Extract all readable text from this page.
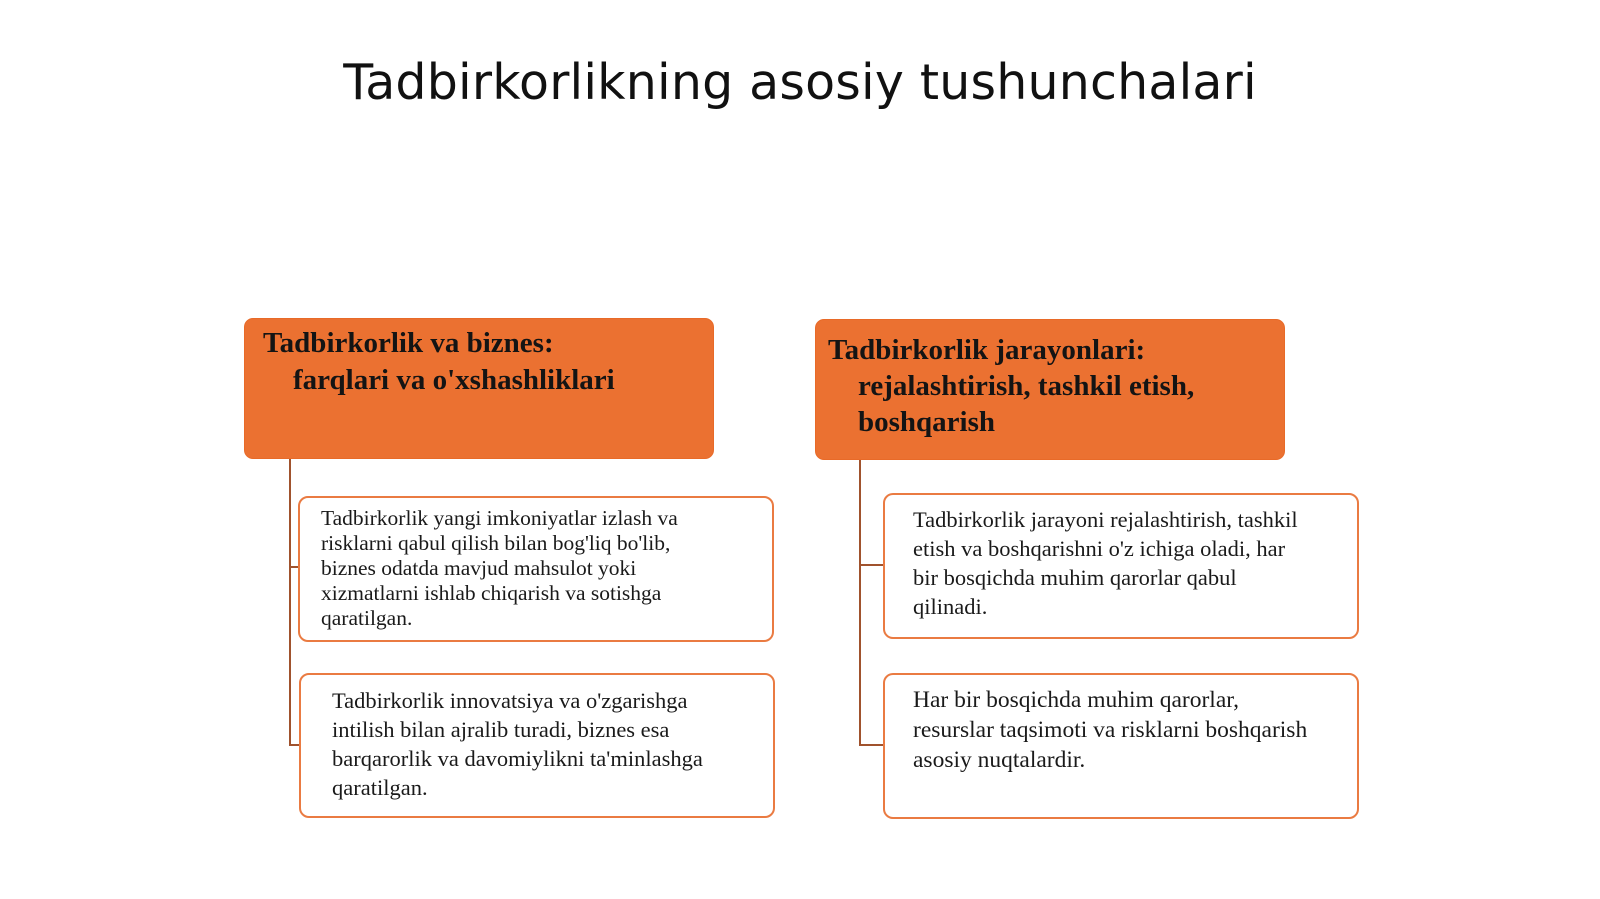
Tadbirkorlikning asosiy tushunchalari
Tadbirkorlik va biznes:
farqlari va o'xshashliklari
Tadbirkorlik jarayonlari:
rejalashtirish, tashkil etish,
boshqarish
Tadbirkorlik yangi imkoniyatlar izlash va
risklarni qabul qilish bilan bog'liq bo'lib,
biznes odatda mavjud mahsulot yoki
xizmatlarni ishlab chiqarish va sotishga
qaratilgan.
Tadbirkorlik innovatsiya va o'zgarishga
intilish bilan ajralib turadi, biznes esa
barqarorlik va davomiylikni ta'minlashga
qaratilgan.
Tadbirkorlik jarayoni rejalashtirish, tashkil
etish va boshqarishni o'z ichiga oladi, har
bir bosqichda muhim qarorlar qabul
qilinadi.
Har bir bosqichda muhim qarorlar,
resurslar taqsimoti va risklarni boshqarish
asosiy nuqtalardir.
